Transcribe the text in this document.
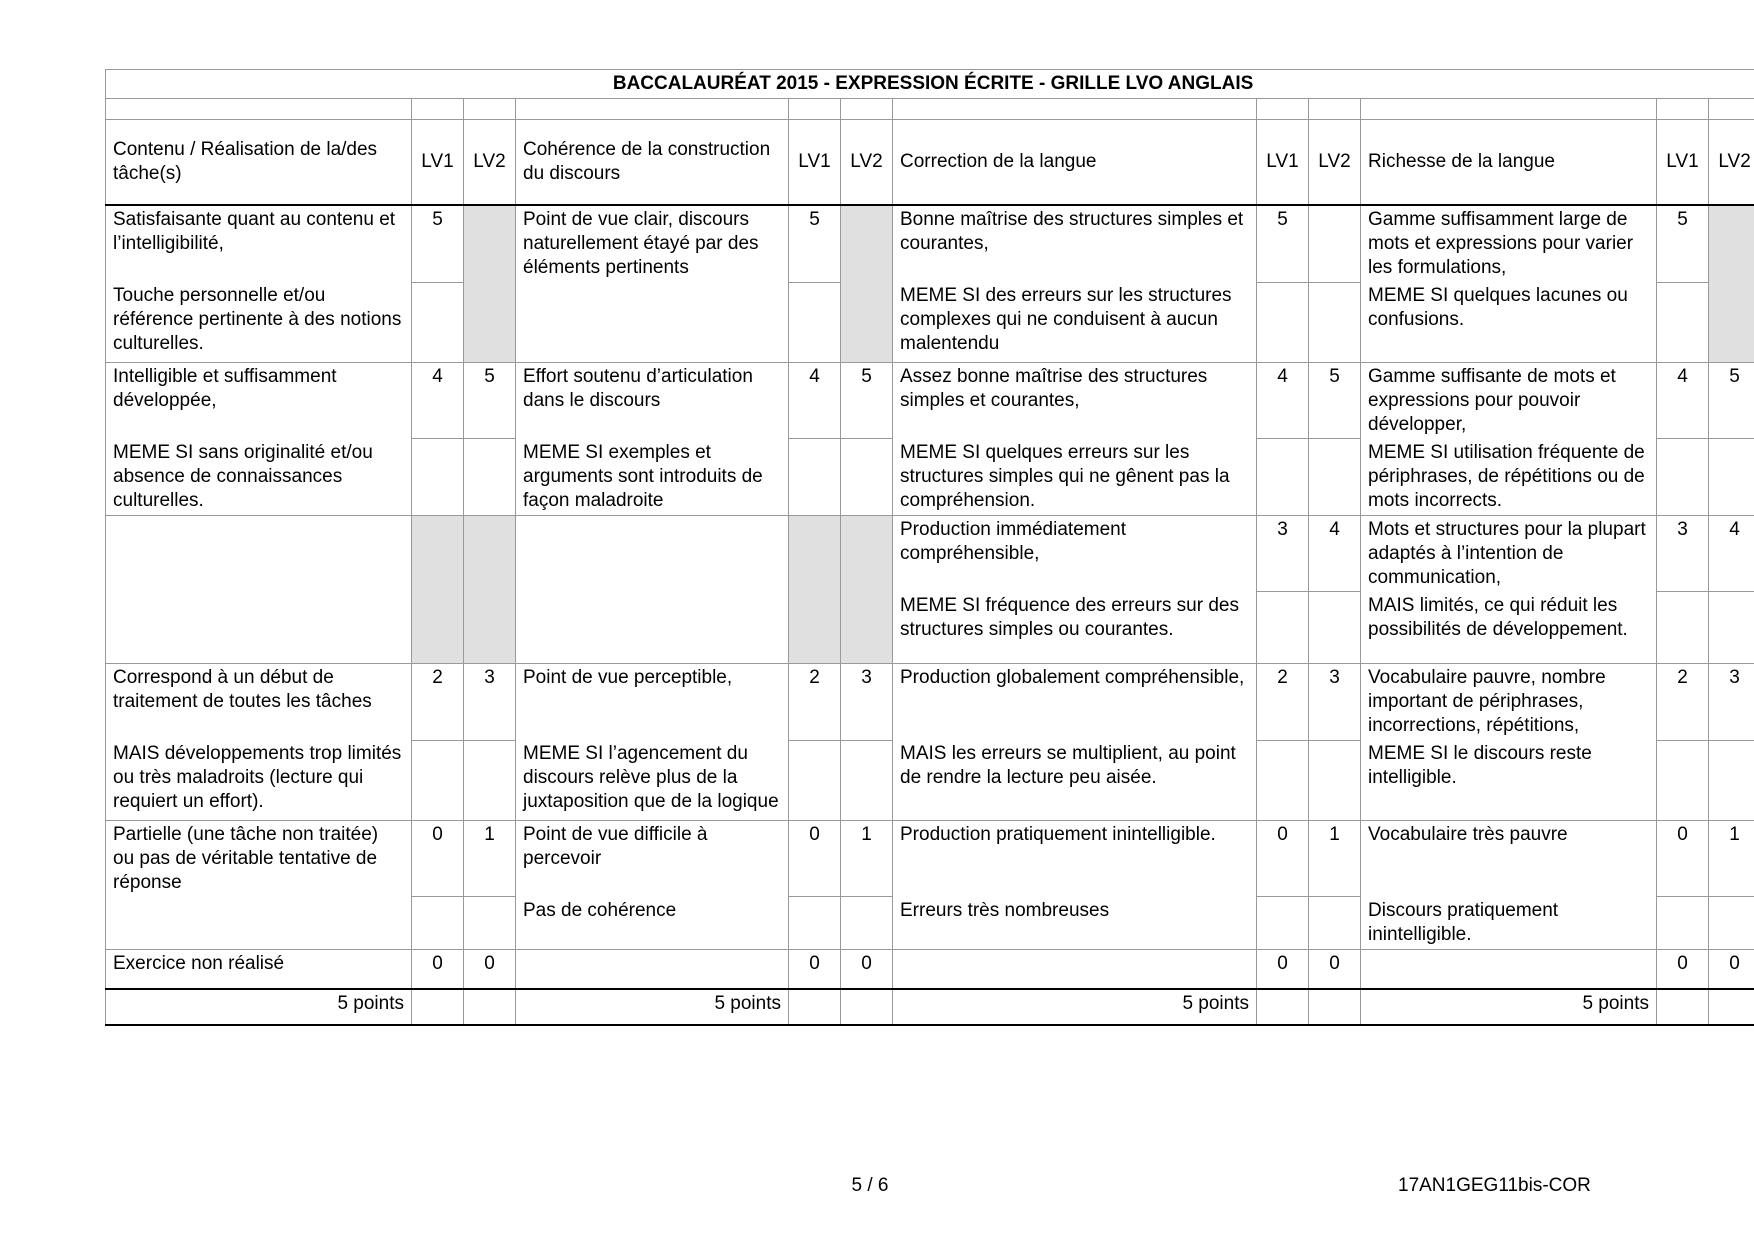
BACCALAURÉAT 2015 - EXPRESSION ÉCRITE - GRILLE LVO ANGLAIS											

Contenu / Réalisation de la/des tâche(s)	LV1	LV2	Cohérence de la construction du discours	LV1	LV2	Correction de la langue	LV1	LV2	Richesse de la langue	LV1	LV2
Satisfaisante quant au contenu et l’intelligibilité,	5		Point de vue clair, discours naturellement étayé par des éléments pertinents	5		Bonne maîtrise des structures simples et courantes,	5		Gamme suffisamment large de mots et expressions pour varier les formulations,	5	
Touche personnelle et/ou référence pertinente à des notions culturelles.						MEME SI des erreurs sur les structures complexes qui ne conduisent à aucun malentendu			MEME SI quelques lacunes ou confusions.		
Intelligible et suffisamment développée,	4	5	Effort soutenu d’articulation dans le discours	4	5	Assez bonne maîtrise des structures simples et courantes,	4	5	Gamme suffisante de mots et expressions pour pouvoir développer,	4	5
MEME SI sans originalité et/ou absence de connaissances culturelles.			MEME SI exemples et arguments sont introduits de façon maladroite			MEME SI quelques erreurs sur les structures simples qui ne gênent pas la compréhension.			MEME SI utilisation fréquente de périphrases, de répétitions ou de mots incorrects.		
						Production immédiatement compréhensible,	3	4	Mots et structures pour la plupart adaptés à l’intention de communication,	3	4
						MEME SI fréquence des erreurs sur des structures simples ou courantes.			MAIS limités, ce qui réduit les possibilités de développement.		
Correspond à un début de traitement de toutes les tâches	2	3	Point de vue perceptible,	2	3	Production globalement compréhensible,	2	3	Vocabulaire pauvre, nombre important de périphrases, incorrections, répétitions,	2	3
MAIS développements trop limités ou très maladroits (lecture qui requiert un effort).			MEME SI l’agencement du discours relève plus de la juxtaposition que de la logique			MAIS les erreurs se multiplient, au point de rendre la lecture peu aisée.			MEME SI le discours reste intelligible.		
Partielle (une tâche non traitée) ou pas de véritable tentative de réponse	0	1	Point de vue difficile à percevoir	0	1	Production pratiquement inintelligible.	0	1	Vocabulaire très pauvre	0	1
			Pas de cohérence			Erreurs très nombreuses			Discours pratiquement inintelligible.		
Exercice non réalisé	0	0		0	0		0	0		0	0
5 points			5 points			5 points			5 points		
5 / 6	17AN1GEG11bis-COR
